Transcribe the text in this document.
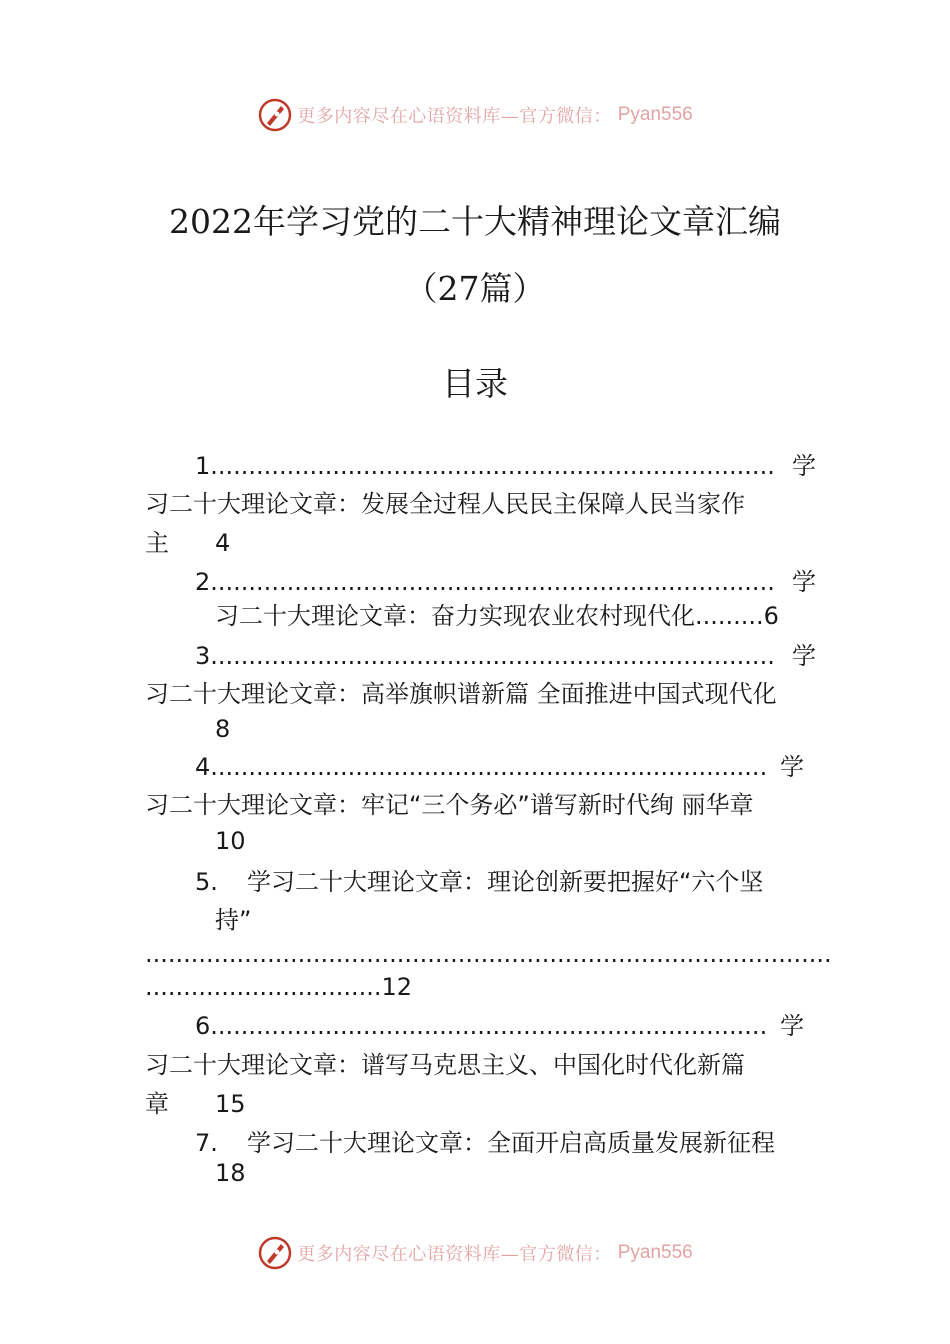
更多内容尽在心语资料库—官方微信： Pyan556
2022年学习党的二十大精神理论文章汇编
（27篇）
目录
1.......................................................................... 学
习二十大理论文章：发展全过程人民民主保障人民当家作
主 4
2.......................................................................... 学
习二十大理论文章：奋力实现农业农村现代化.........6
3.......................................................................... 学
习二十大理论文章：高举旗帜谱新篇 全面推进中国式现代化
8
4......................................................................... 学
习二十大理论文章：牢记“三个务必”谱写新时代绚 丽华章
10
5. 学习二十大理论文章：理论创新要把握好“六个坚
持”
..........................................................................................
...............................12
6......................................................................... 学
习二十大理论文章：谱写马克思主义、中国化时代化新篇
章 15
7. 学习二十大理论文章：全面开启高质量发展新征程
18
更多内容尽在心语资料库—官方微信： Pyan556
